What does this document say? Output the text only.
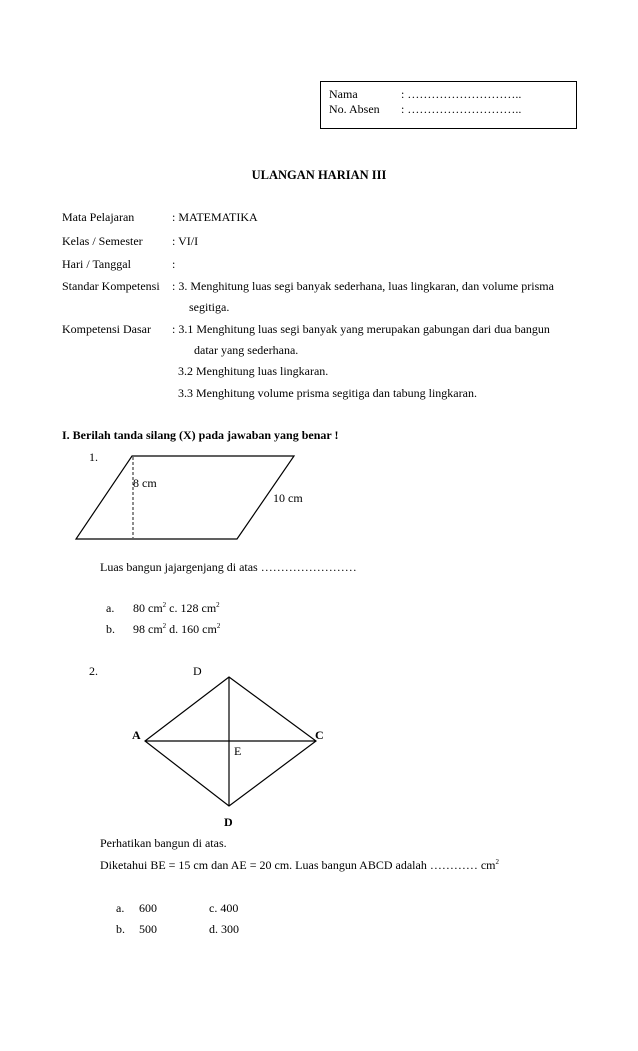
Nama	: ………………………..
No. Absen : ………………………..
ULANGAN HARIAN III
Mata Pelajaran	: MATEMATIKA
Kelas / Semester : VI/I
Hari / Tanggal	:
Standar Kompetensi : 3. Menghitung luas segi banyak sederhana, luas lingkaran, dan volume prisma
segitiga.
Kompetensi Dasar : 3.1 Menghitung luas segi banyak yang merupakan gabungan dari dua bangun
datar yang sederhana.
3.2 Menghitung luas lingkaran.
3.3 Menghitung volume prisma segitiga dan tabung lingkaran.
I. Berilah tanda silang (X) pada jawaban yang benar !
1.
8 cm
10 cm
Luas bangun jajargenjang di atas ……………………
a. 80 $cm^2$ c. 128 $cm^2$
b. 98 $cm^2$ d. 160 $cm^2$
2.	D
A	C
E
D
Perhatikan bangun di atas.
Diketahui BE = 15 cm dan AE = 20 cm. Luas bangun ABCD adalah ………… $cm^2$
a. 600	c. 400
b. 500	d. 300
